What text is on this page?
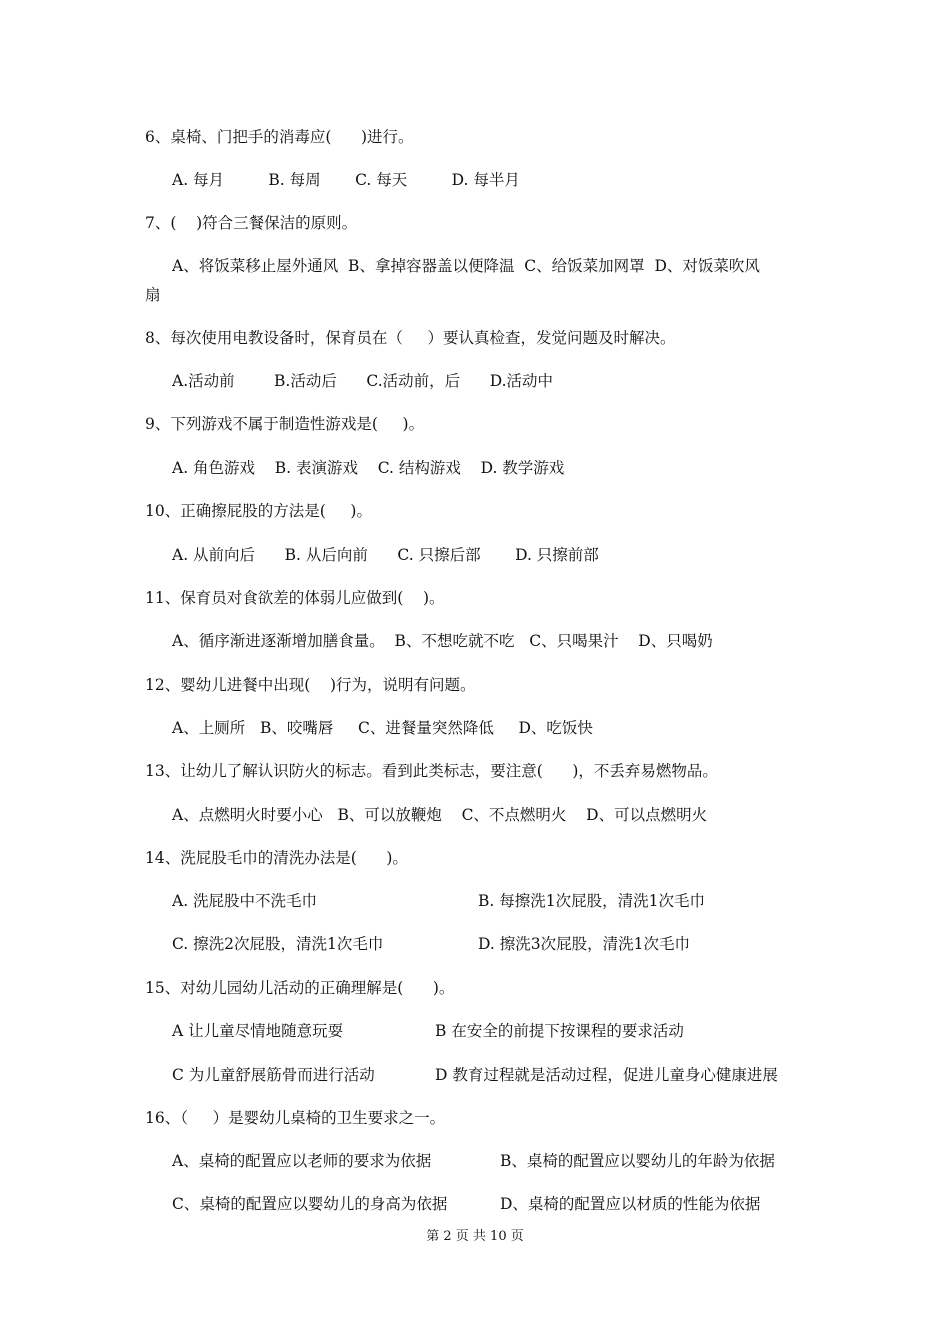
6、桌椅、门把手的消毒应(      )进行。
A. 每月         B. 每周       C. 每天         D. 每半月
7、(    )符合三餐保洁的原则。
A、将饭菜移止屋外通风  B、拿掉容器盖以便降温  C、给饭菜加网罩  D、对饭菜吹风
扇
8、每次使用电教设备时，保育员在（     ）要认真检查，发觉问题及时解决。
A.活动前        B.活动后      C.活动前，后      D.活动中
9、下列游戏不属于制造性游戏是(     )。
A. 角色游戏    B. 表演游戏    C. 结构游戏    D. 教学游戏
10、正确擦屁股的方法是(     )。
A. 从前向后      B. 从后向前      C. 只擦后部       D. 只擦前部
11、保育员对食欲差的体弱儿应做到(    )。
A、循序渐进逐渐增加膳食量。  B、不想吃就不吃   C、只喝果汁    D、只喝奶
12、婴幼儿进餐中出现(    )行为，说明有问题。
A、上厕所   B、咬嘴唇     C、进餐量突然降低     D、吃饭快
13、让幼儿了解认识防火的标志。看到此类标志，要注意(      )，不丢弃易燃物品。
A、点燃明火时要小心   B、可以放鞭炮    C、不点燃明火    D、可以点燃明火
14、洗屁股毛巾的清洗办法是(      )。
A. 洗屁股中不洗毛巾	B. 每擦洗1次屁股，清洗1次毛巾
C. 擦洗2次屁股，清洗1次毛巾	D. 擦洗3次屁股，清洗1次毛巾
15、对幼儿园幼儿活动的正确理解是(      )。
A 让儿童尽情地随意玩耍	B 在安全的前提下按课程的要求活动
C 为儿童舒展筋骨而进行活动	D 教育过程就是活动过程，促进儿童身心健康进展
16、（     ）是婴幼儿桌椅的卫生要求之一。
A、桌椅的配置应以老师的要求为依据	B、桌椅的配置应以婴幼儿的年龄为依据
C、桌椅的配置应以婴幼儿的身高为依据	D、桌椅的配置应以材质的性能为依据
第 2 页 共 10 页
